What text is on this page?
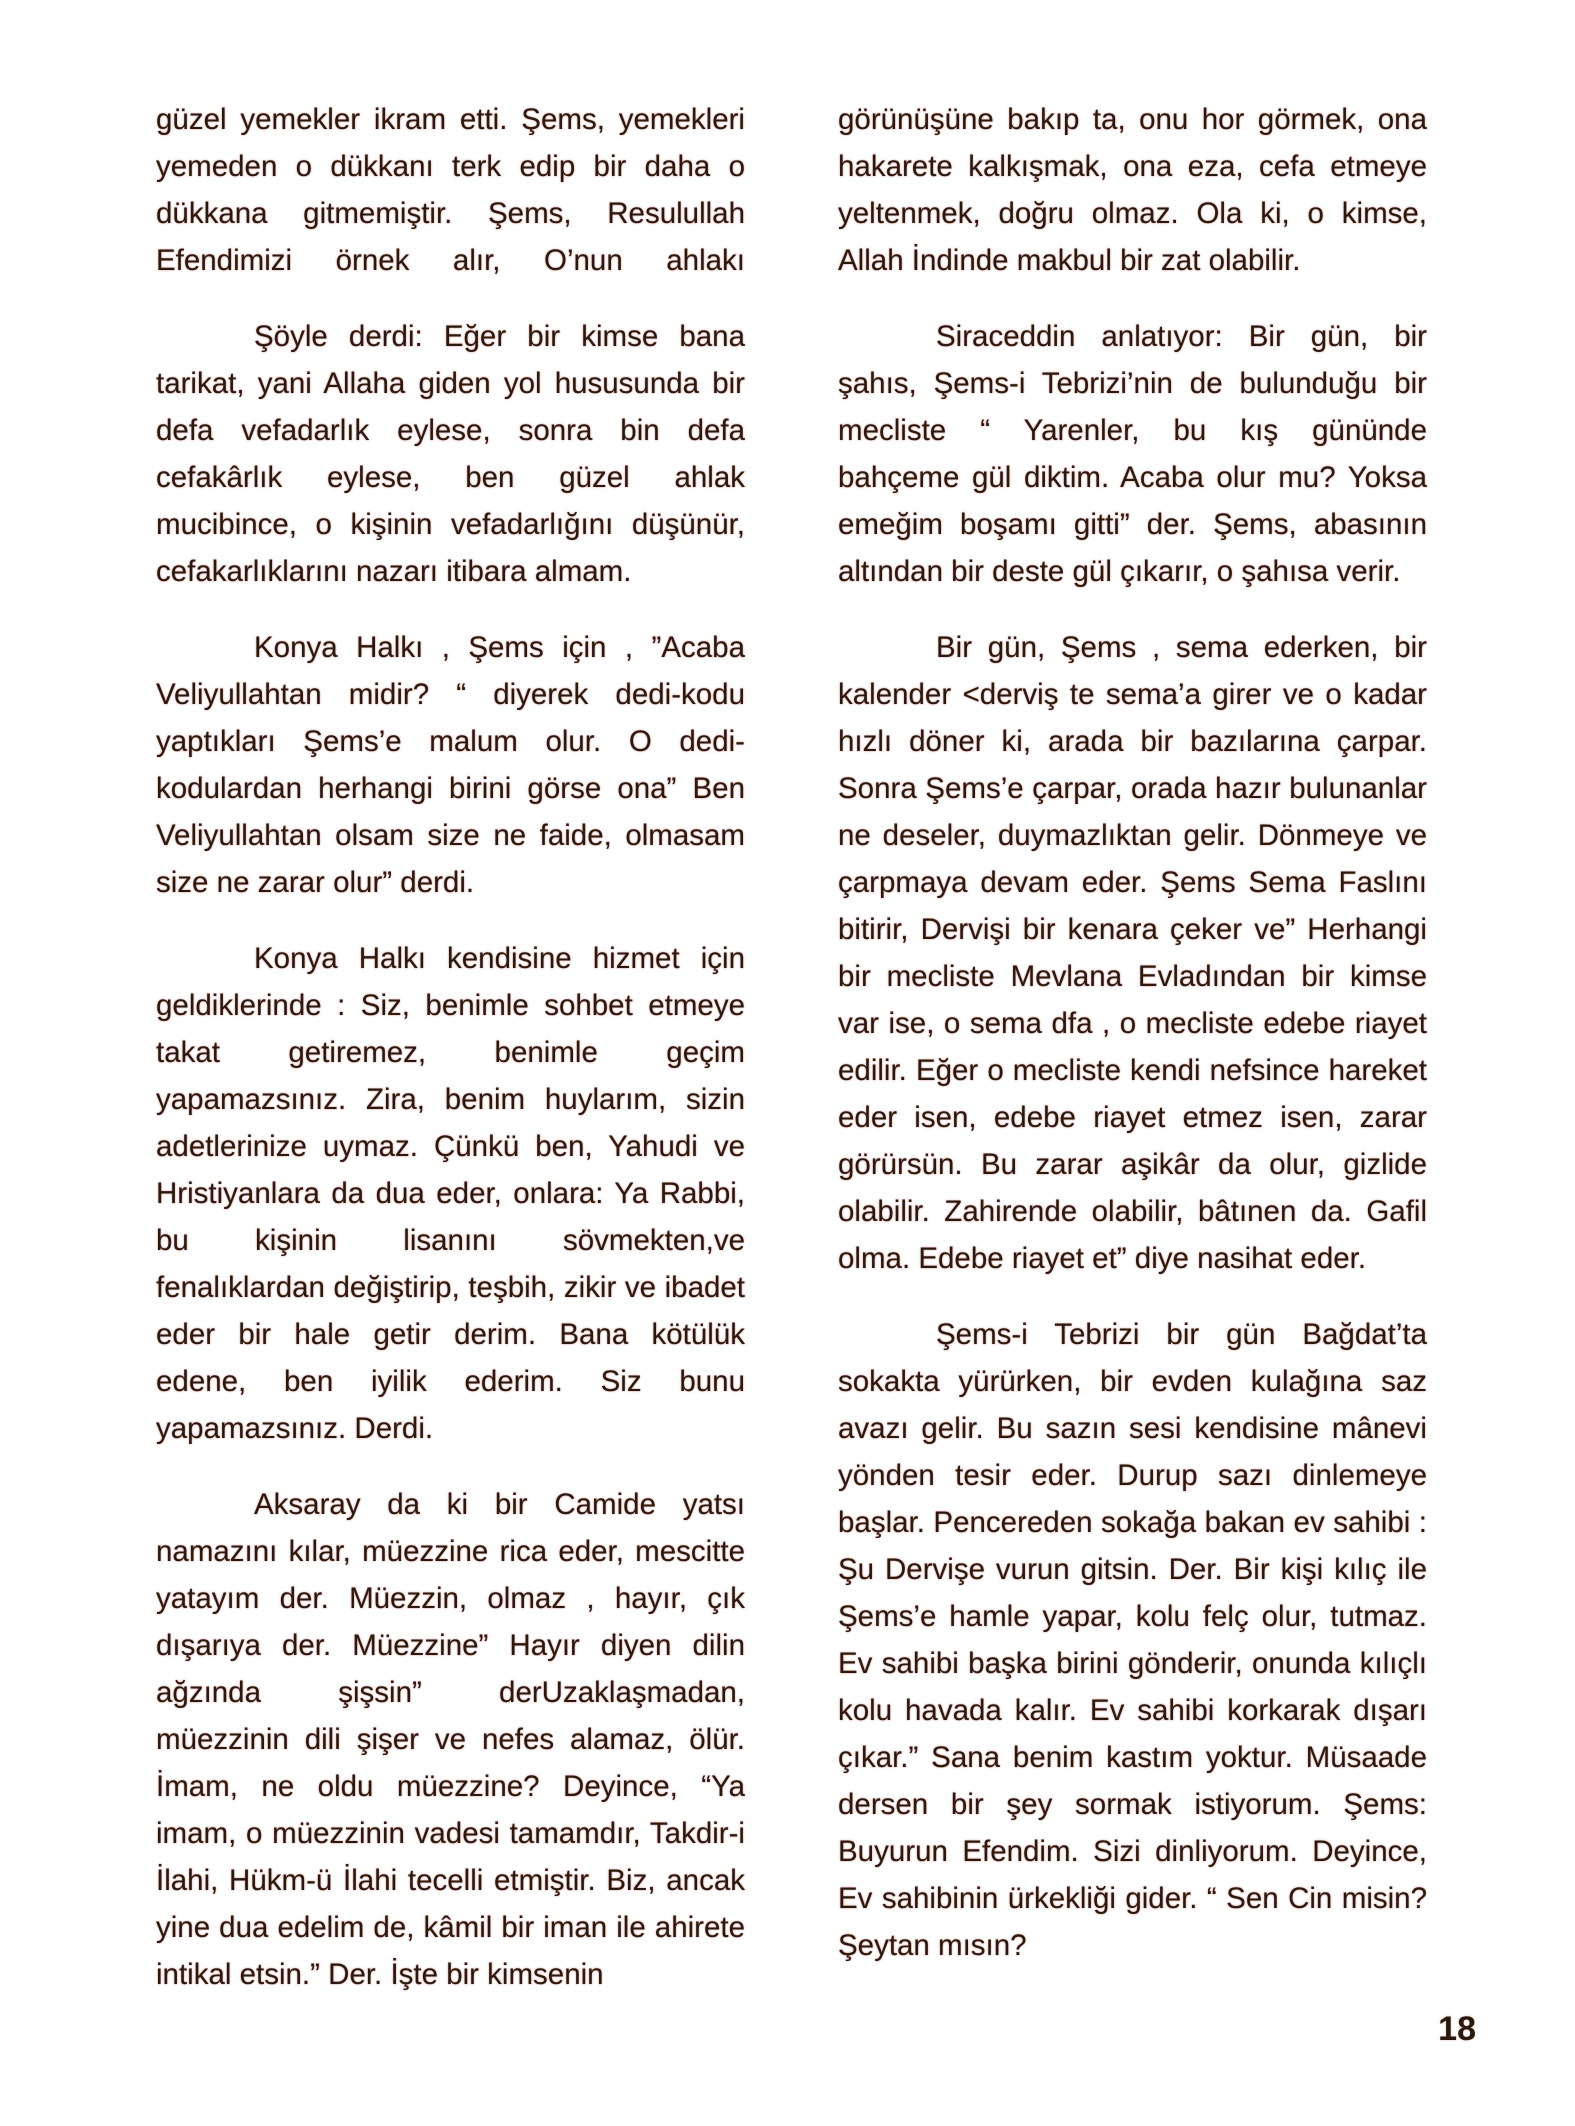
güzel yemekler ikram etti. Şems, yemekleri yemeden o dükkanı terk edip bir daha o dükkana gitmemiştir. Şems, Resulullah Efendimizi örnek alır, O’nun ahlakı

Şöyle derdi: Eğer bir kimse bana tarikat, yani Allaha giden yol hususunda bir defa vefadarlık eylese, sonra bin defa cefakârlık eylese, ben güzel ahlak mucibince, o kişinin vefadarlığını düşünür, cefakarlıklarını nazarı itibara almam.

Konya Halkı , Şems için , ”Acaba Veliyullahtan midir? “ diyerek dedi-kodu yaptıkları Şems’e malum olur. O dedi-kodulardan herhangi birini görse ona” Ben Veliyullahtan olsam size ne faide, olmasam size ne zarar olur” derdi.

Konya Halkı kendisine hizmet için geldiklerinde : Siz, benimle sohbet etmeye takat getiremez, benimle geçim yapamazsınız. Zira, benim huylarım, sizin adetlerinize uymaz. Çünkü ben, Yahudi ve Hristiyanlara da dua eder, onlara: Ya Rabbi, bu kişinin lisanını sövmekten,ve fenalıklardan değiştirip, teşbih, zikir ve ibadet eder bir hale getir derim. Bana kötülük edene, ben iyilik ederim. Siz bunu yapamazsınız. Derdi.

Aksaray da ki bir Camide yatsı namazını kılar, müezzine rica eder, mescitte yatayım der. Müezzin, olmaz , hayır, çık dışarıya der. Müezzine” Hayır diyen dilin ağzında şişsin” derUzaklaşmadan, müezzinin dili şişer ve nefes alamaz, ölür. İmam, ne oldu müezzine? Deyince, “Ya imam, o müezzinin vadesi tamamdır, Takdir-i İlahi, Hükm-ü İlahi tecelli etmiştir. Biz, ancak yine dua edelim de, kâmil bir iman ile ahirete intikal etsin.” Der. İşte bir kimsenin

görünüşüne bakıp ta, onu hor görmek, ona hakarete kalkışmak, ona eza, cefa etmeye yeltenmek, doğru olmaz. Ola ki, o kimse, Allah İndinde makbul bir zat olabilir.

Siraceddin anlatıyor: Bir gün, bir şahıs, Şems-i Tebrizi’nin de bulunduğu bir mecliste “ Yarenler, bu kış gününde bahçeme gül diktim. Acaba olur mu? Yoksa emeğim boşamı gitti” der. Şems, abasının altından bir deste gül çıkarır, o şahısa verir.

Bir gün, Şems , sema ederken, bir kalender <derviş te sema’a girer ve o kadar hızlı döner ki, arada bir bazılarına çarpar. Sonra Şems’e çarpar, orada hazır bulunanlar ne deseler, duymazlıktan gelir. Dönmeye ve çarpmaya devam eder. Şems Sema Faslını bitirir, Dervişi bir kenara çeker ve” Herhangi bir mecliste Mevlana Evladından bir kimse var ise, o sema dfa , o mecliste edebe riayet edilir. Eğer o mecliste kendi nefsince hareket eder isen, edebe riayet etmez isen, zarar görürsün. Bu zarar aşikâr da olur, gizlide olabilir. Zahirende olabilir, bâtınen da. Gafil olma. Edebe riayet et” diye nasihat eder.

Şems-i Tebrizi bir gün Bağdat’ta sokakta yürürken, bir evden kulağına saz avazı gelir. Bu sazın sesi kendisine mânevi yönden tesir eder. Durup sazı dinlemeye başlar. Pencereden sokağa bakan ev sahibi : Şu Dervişe vurun gitsin. Der. Bir kişi kılıç ile Şems’e hamle yapar, kolu felç olur, tutmaz. Ev sahibi başka birini gönderir, onunda kılıçlı kolu havada kalır. Ev sahibi korkarak dışarı çıkar.” Sana benim kastım yoktur. Müsaade dersen bir şey sormak istiyorum. Şems: Buyurun Efendim. Sizi dinliyorum. Deyince, Ev sahibinin ürkekliği gider. “ Sen Cin misin? Şeytan mısın?

18
